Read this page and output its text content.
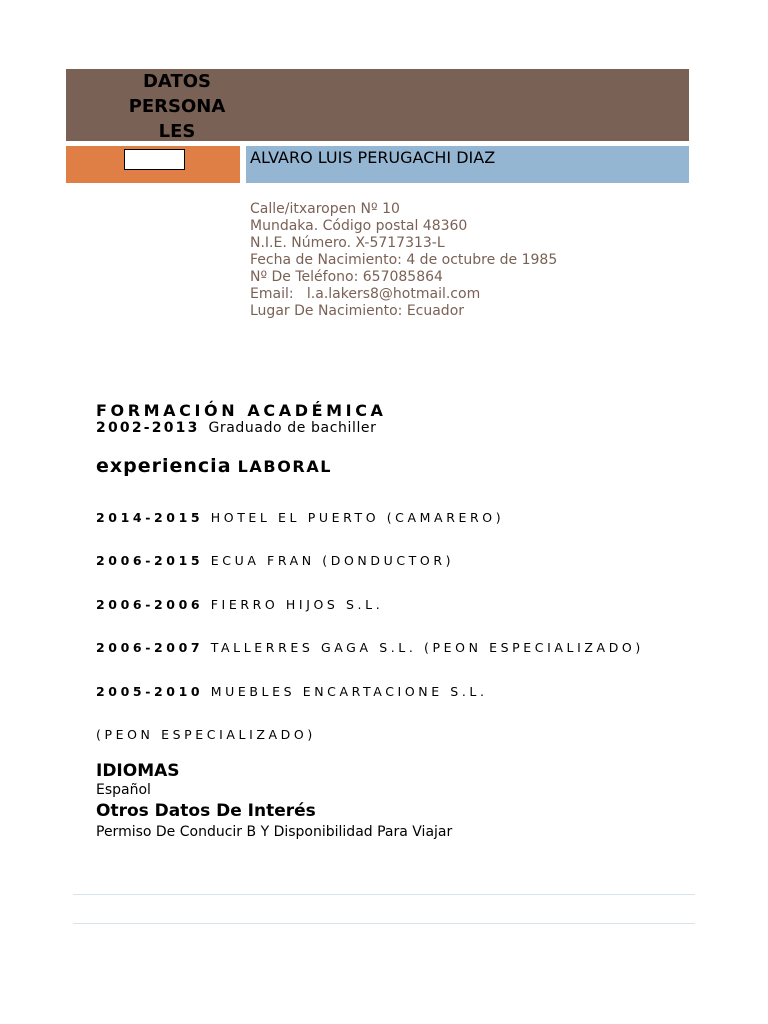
DATOS
PERSONA
LES
ALVARO LUIS PERUGACHI DIAZ
Calle/itxaropen Nº 10
Mundaka. Código postal 48360
N.I.E. Número. X-5717313-L
Fecha de Nacimiento: 4 de octubre de 1985
Nº De Teléfono: 657085864
Email:   l.a.lakers8@hotmail.com
Lugar De Nacimiento: Ecuador
FORMACIÓN ACADÉMICA
2002-2013 Graduado de bachiller
experiencia LABORAL
2014-2015 HOTEL EL PUERTO (CAMARERO)
2006-2015 ECUA FRAN (DONDUCTOR)
2006-2006 FIERRO HIJOS S.L.
2006-2007 TALLERRES GAGA S.L. (PEON ESPECIALIZADO)
2005-2010 MUEBLES ENCARTACIONE S.L.
(PEON ESPECIALIZADO)
IDIOMAS
Español
Otros Datos De Interés
Permiso De Conducir B Y Disponibilidad Para Viajar
